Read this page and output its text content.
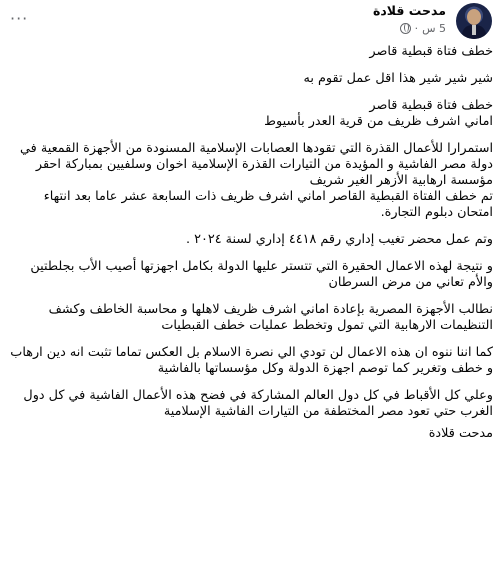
مدحت قلادة
5 س
·
···

خطف فتاة قبطية قاصر

شير شير شير هذا اقل عمل تقوم به

خطف فتاة قبطية قاصر

اماني اشرف ظريف من قرية العدر بأسيوط

استمرارا للأعمال القذرة التي تقودها العصابات الإسلامية المسنودة من الأجهزة القمعية في دولة مصر الفاشية و المؤيدة من التيارات القذرة الإسلامية اخوان وسلفيين بمباركة احقر مؤسسة ارهابية الأزهر الغير شريف

تم خطف الفتاة القبطية القاصر اماني اشرف ظريف ذات السابعة عشر عاما بعد انتهاء امتحان دبلوم التجارة.

وتم عمل محضر تغيب إداري رقم ٤٤١٨ إداري لسنة ٢٠٢٤ .

و نتيجة لهذه الاعمال الحقيرة التي تتستر عليها الدولة بكامل اجهزتها أصيب الأب بجلطتين والأم تعاني من مرض السرطان

نطالب الأجهزة المصرية بإعادة اماني اشرف ظريف لاهلها و محاسبة الخاطف وكشف التنظيمات الارهابية التي تمول وتخطط عمليات خطف القبطيات

كما اننا ننوه ان هذه الاعمال لن تودي الي نصرة الاسلام بل العكس تماما تثبت انه دين ارهاب و خطف وتغرير كما توصم اجهزة الدولة وكل مؤسساتها بالفاشية

وعلي كل الأقباط في كل دول العالم المشاركة في فضح هذه الأعمال الفاشية في كل دول الغرب حتي تعود مصر المختطفة من التيارات الفاشية الإسلامية

مدحت قلادة
